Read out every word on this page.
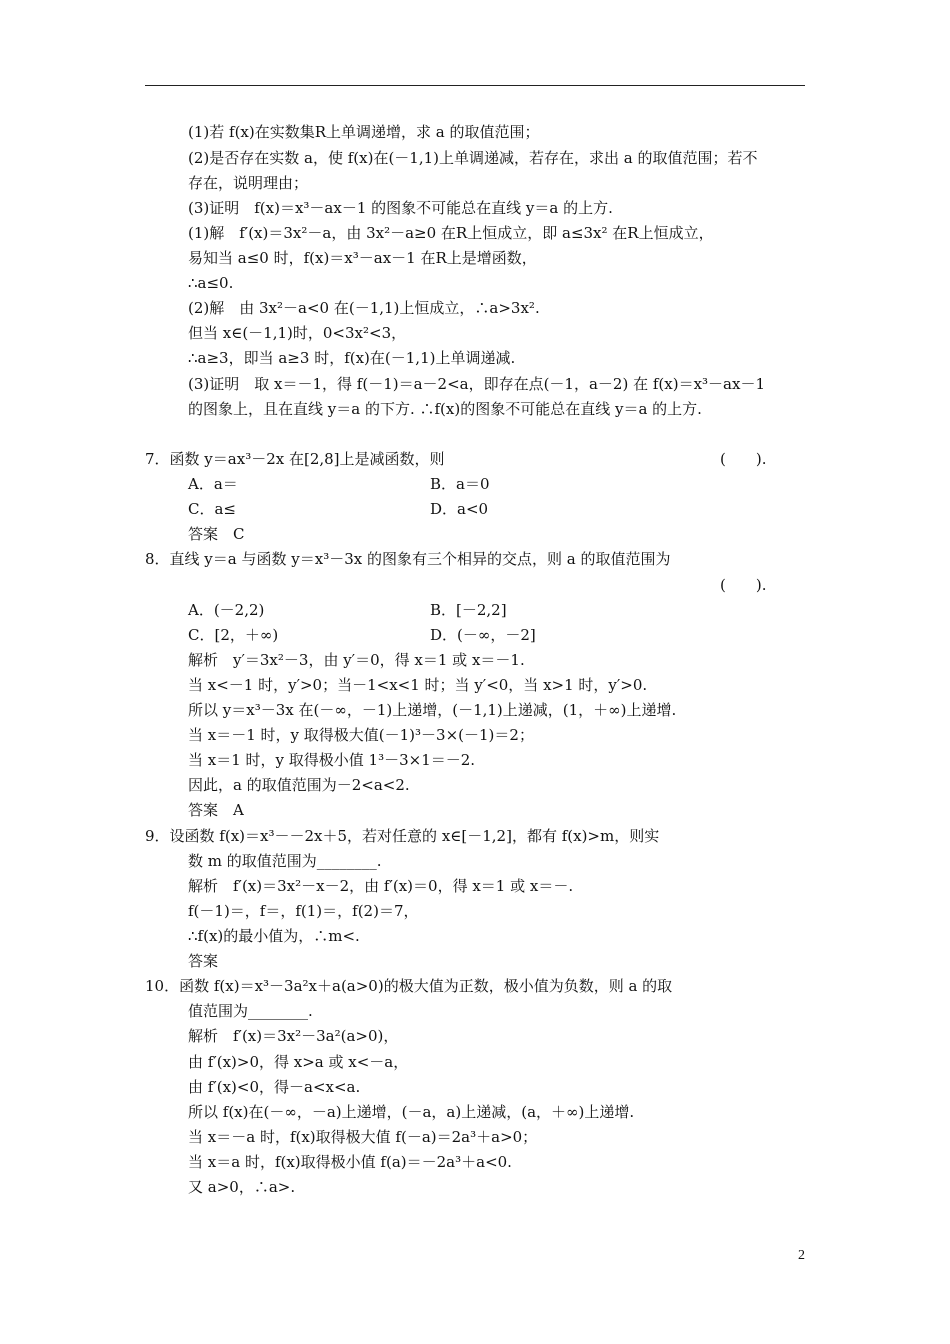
(1)若 f(x)在实数集R上单调递增，求 a 的取值范围；
(2)是否存在实数 a，使 f(x)在(－1,1)上单调递减，若存在，求出 a 的取值范围；若不
存在，说明理由；
(3)证明　f(x)＝x³－ax－1 的图象不可能总在直线 y＝a 的上方.
(1)解　f′(x)＝3x²－a，由 3x²－a≥0 在R上恒成立，即 a≤3x² 在R上恒成立，
易知当 a≤0 时，f(x)＝x³－ax－1 在R上是增函数，
∴a≤0.
(2)解　由 3x²－a<0 在(－1,1)上恒成立，∴a>3x².
但当 x∈(－1,1)时，0<3x²<3，
∴a≥3，即当 a≥3 时，f(x)在(－1,1)上单调递减.
(3)证明　取 x＝－1，得 f(－1)＝a－2<a，即存在点(－1，a－2) 在 f(x)＝x³－ax－1
的图象上，且在直线 y＝a 的下方. ∴f(x)的图象不可能总在直线 y＝a 的上方.
7．函数 y＝ax³－2x 在[2,8]上是减函数，则	(　　).
A．a＝	B．a＝0
C．a≤	D．a<0
答案　C
8．直线 y＝a 与函数 y＝x³－3x 的图象有三个相异的交点，则 a 的取值范围为
(　　).
A．(－2,2)	B．[－2,2]
C．[2，＋∞)	D．(－∞，－2]
解析　y′＝3x²－3，由 y′＝0，得 x＝1 或 x＝－1.
当 x<－1 时，y′>0；当－1<x<1 时；当 y′<0，当 x>1 时，y′>0.
所以 y＝x³－3x 在(－∞，－1)上递增，(－1,1)上递减，(1，＋∞)上递增.
当 x＝－1 时，y 取得极大值(－1)³－3×(－1)＝2；
当 x＝1 时，y 取得极小值 1³－3×1＝－2.
因此，a 的取值范围为－2<a<2.
答案　A
9．设函数 f(x)＝x³－－2x＋5，若对任意的 x∈[－1,2]，都有 f(x)>m，则实
数 m 的取值范围为________.
解析　f′(x)＝3x²－x－2，由 f′(x)＝0，得 x＝1 或 x＝－.
f(－1)＝，f＝，f(1)＝，f(2)＝7，
∴f(x)的最小值为，∴m<.
答案
10．函数 f(x)＝x³－3a²x＋a(a>0)的极大值为正数，极小值为负数，则 a 的取
值范围为________.
解析　f′(x)＝3x²－3a²(a>0)，
由 f′(x)>0，得 x>a 或 x<－a，
由 f′(x)<0，得－a<x<a.
所以 f(x)在(－∞，－a)上递增，(－a，a)上递减，(a，＋∞)上递增.
当 x＝－a 时，f(x)取得极大值 f(－a)＝2a³＋a>0；
当 x＝a 时，f(x)取得极小值 f(a)＝－2a³＋a<0.
又 a>0，∴a>.
2
